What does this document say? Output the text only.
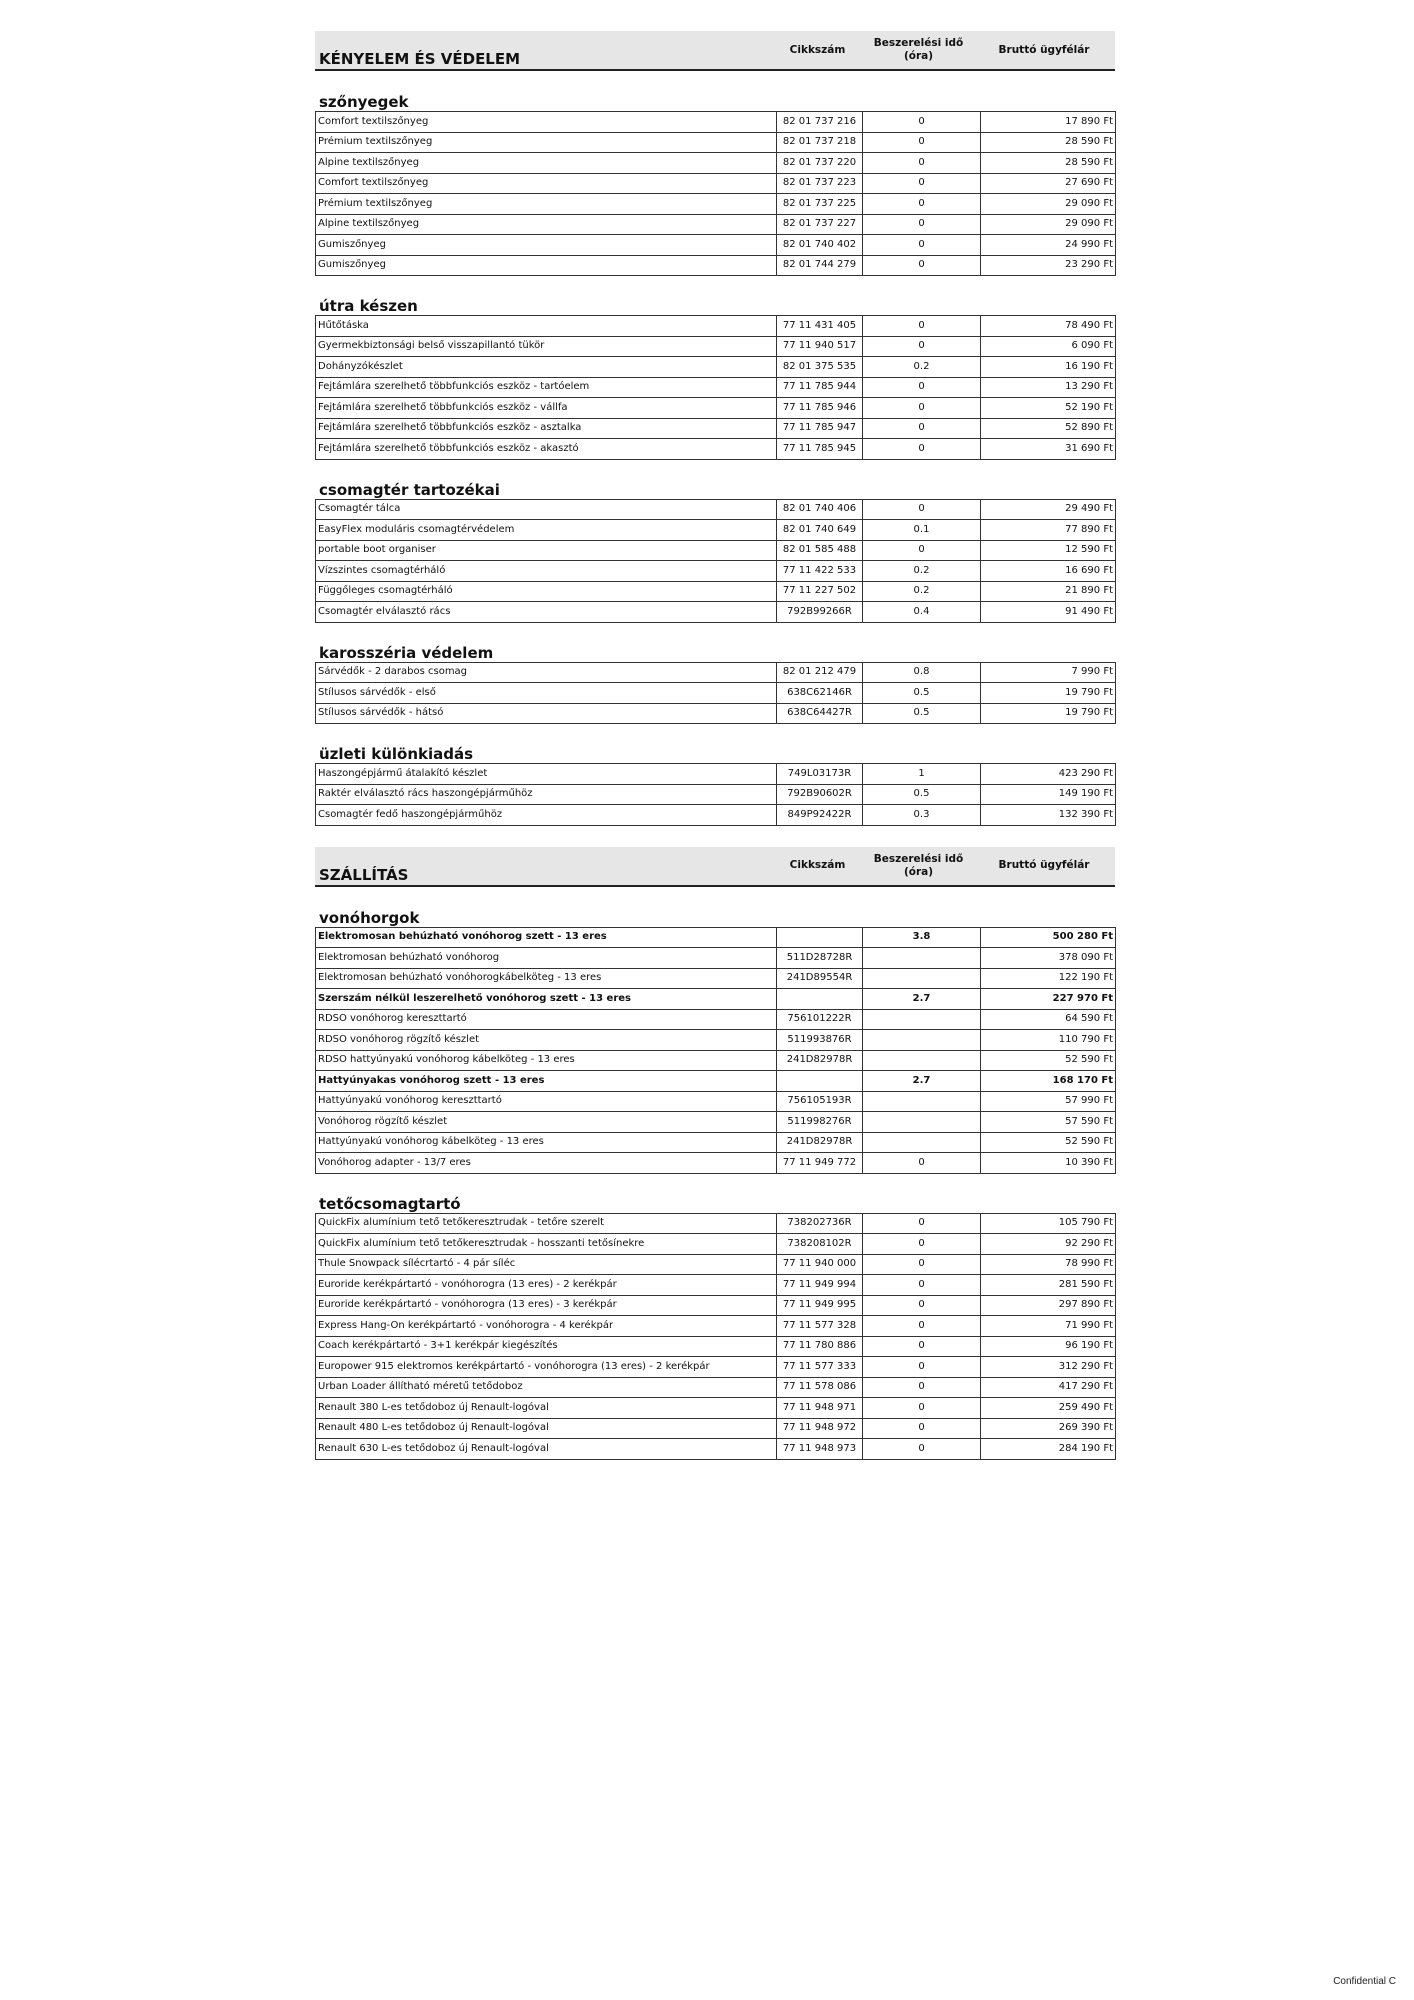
KÉNYELEM ÉS VÉDELEM
Cikkszám
Beszerelési idő
(óra)
Bruttó ügyfélár
szőnyegek
Comfort textilszőnyeg	82 01 737 216	0	17 890 Ft
Prémium textilszőnyeg	82 01 737 218	0	28 590 Ft
Alpine textilszőnyeg	82 01 737 220	0	28 590 Ft
Comfort textilszőnyeg	82 01 737 223	0	27 690 Ft
Prémium textilszőnyeg	82 01 737 225	0	29 090 Ft
Alpine textilszőnyeg	82 01 737 227	0	29 090 Ft
Gumiszőnyeg	82 01 740 402	0	24 990 Ft
Gumiszőnyeg	82 01 744 279	0	23 290 Ft
útra készen
Hűtőtáska	77 11 431 405	0	78 490 Ft
Gyermekbiztonsági belső visszapillantó tükör	77 11 940 517	0	6 090 Ft
Dohányzókészlet	82 01 375 535	0.2	16 190 Ft
Fejtámlára szerelhető többfunkciós eszköz - tartóelem	77 11 785 944	0	13 290 Ft
Fejtámlára szerelhető többfunkciós eszköz - vállfa	77 11 785 946	0	52 190 Ft
Fejtámlára szerelhető többfunkciós eszköz - asztalka	77 11 785 947	0	52 890 Ft
Fejtámlára szerelhető többfunkciós eszköz - akasztó	77 11 785 945	0	31 690 Ft
csomagtér tartozékai
Csomagtér tálca	82 01 740 406	0	29 490 Ft
EasyFlex moduláris csomagtérvédelem	82 01 740 649	0.1	77 890 Ft
portable boot organiser	82 01 585 488	0	12 590 Ft
Vízszintes csomagtérháló	77 11 422 533	0.2	16 690 Ft
Függőleges csomagtérháló	77 11 227 502	0.2	21 890 Ft
Csomagtér elválasztó rács	792B99266R	0.4	91 490 Ft
karosszéria védelem
Sárvédők - 2 darabos csomag	82 01 212 479	0.8	7 990 Ft
Stílusos sárvédők - első	638C62146R	0.5	19 790 Ft
Stílusos sárvédők - hátsó	638C64427R	0.5	19 790 Ft
üzleti különkiadás
Haszongépjármű átalakító készlet	749L03173R	1	423 290 Ft
Raktér elválasztó rács haszongépjárműhöz	792B90602R	0.5	149 190 Ft
Csomagtér fedő haszongépjárműhöz	849P92422R	0.3	132 390 Ft
SZÁLLÍTÁS
Cikkszám
Beszerelési idő
(óra)
Bruttó ügyfélár
vonóhorgok
Elektromosan behúzható vonóhorog szett - 13 eres		3.8	500 280 Ft
Elektromosan behúzható vonóhorog	511D28728R		378 090 Ft
Elektromosan behúzható vonóhorogkábelköteg - 13 eres	241D89554R		122 190 Ft
Szerszám nélkül leszerelhető vonóhorog szett - 13 eres		2.7	227 970 Ft
RDSO vonóhorog kereszttartó	756101222R		64 590 Ft
RDSO vonóhorog rögzítő készlet	511993876R		110 790 Ft
RDSO hattyúnyakú vonóhorog kábelköteg - 13 eres	241D82978R		52 590 Ft
Hattyúnyakas vonóhorog szett - 13 eres		2.7	168 170 Ft
Hattyúnyakú vonóhorog kereszttartó	756105193R		57 990 Ft
Vonóhorog rögzítő készlet	511998276R		57 590 Ft
Hattyúnyakú vonóhorog kábelköteg - 13 eres	241D82978R		52 590 Ft
Vonóhorog adapter - 13/7 eres	77 11 949 772	0	10 390 Ft
tetőcsomagtartó
QuickFix alumínium tető tetőkeresztrudak - tetőre szerelt	738202736R	0	105 790 Ft
QuickFix alumínium tető tetőkeresztrudak - hosszanti tetősínekre	738208102R	0	92 290 Ft
Thule Snowpack sílécrtartó - 4 pár síléc	77 11 940 000	0	78 990 Ft
Euroride kerékpártartó - vonóhorogra (13 eres) - 2 kerékpár	77 11 949 994	0	281 590 Ft
Euroride kerékpártartó - vonóhorogra (13 eres) - 3 kerékpár	77 11 949 995	0	297 890 Ft
Express Hang-On kerékpártartó - vonóhorogra - 4 kerékpár	77 11 577 328	0	71 990 Ft
Coach kerékpártartó - 3+1 kerékpár kiegészítés	77 11 780 886	0	96 190 Ft
Europower 915 elektromos kerékpártartó - vonóhorogra (13 eres) - 2 kerékpár	77 11 577 333	0	312 290 Ft
Urban Loader állítható méretű tetődoboz	77 11 578 086	0	417 290 Ft
Renault 380 L-es tetődoboz új Renault-logóval	77 11 948 971	0	259 490 Ft
Renault 480 L-es tetődoboz új Renault-logóval	77 11 948 972	0	269 390 Ft
Renault 630 L-es tetődoboz új Renault-logóval	77 11 948 973	0	284 190 Ft
Confidential C
